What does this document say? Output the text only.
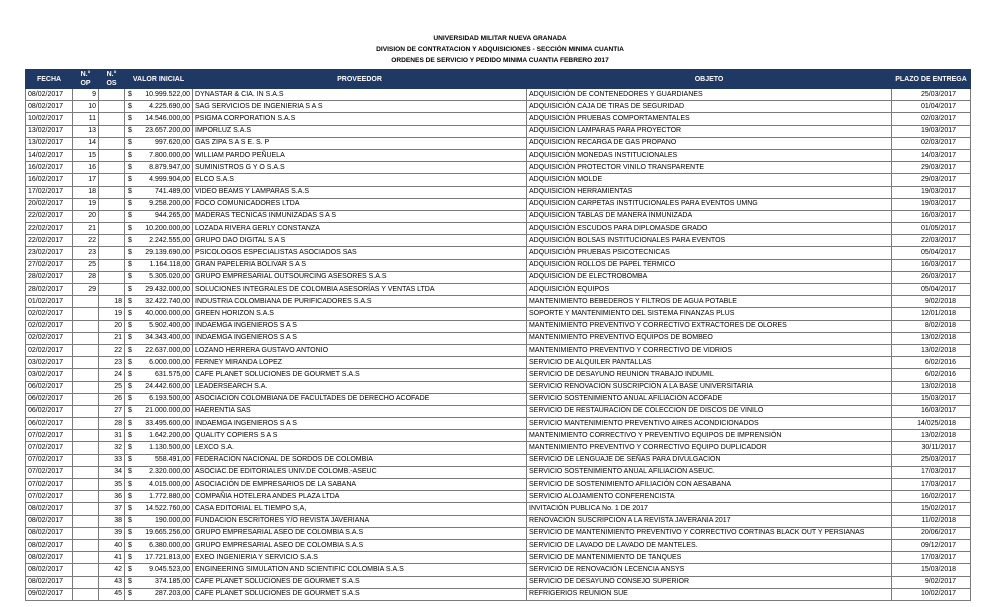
UNIVERSIDAD MILITAR NUEVA GRANADA
DIVISION DE CONTRATACION Y ADQUISICIONES - SECCIÓN MINIMA CUANTIA
ORDENES DE SERVICIO Y PEDIDO MINIMA CUANTIA FEBRERO 2017
FECHA	N.° OP	N.° OS	VALOR INICIAL		PROVEEDOR	OBJETO	PLAZO DE ENTREGA
08/02/2017	9		$	10.999.522,00	DYNASTAR & CIA. IN S.A.S	ADQUISICIÓN DE CONTENEDORES Y GUARDIANES	25/03/2017
08/02/2017	10		$	4.225.690,00	SAG SERVICIOS DE INGENIERIA S A S	ADQUISICIÓN CAJA DE TIRAS DE SEGURIDAD	01/04/2017
10/02/2017	11		$	14.546.000,00	PSIGMA CORPORATION S.A.S	ADQUISICIÓN PRUEBAS COMPORTAMENTALES	02/03/2017
13/02/2017	13		$	23.657.200,00	IMPORLUZ S.A.S	ADQUISICIÓN LAMPARAS PARA PROYECTOR	19/03/2017
13/02/2017	14		$	997.620,00	GAS ZIPA S A S E. S. P	ADQUISICIÓN RECARGA DE GAS PROPANO	02/03/2017
14/02/2017	15		$	7.800.000,00	WILLIAM PARDO PEÑUELA	ADQUISICIÓN MONEDAS INSTITUCIONALES	14/03/2017
16/02/2017	16		$	8.879.947,00	SUMINISTROS G Y O S.A.S	ADQUISICIÓN PROTECTOR VINILO TRANSPARENTE	29/03/2017
16/02/2017	17		$	4.999.904,00	ELCO S.A.S	ADQUISICIÓN MOLDE	29/03/2017
17/02/2017	18		$	741.489,00	VIDEO BEAMS Y LAMPARAS S.A.S	ADQUISICIÓN HERRAMIENTAS	19/03/2017
20/02/2017	19		$	9.258.200,00	FOCO COMUNICADORES LTDA	ADQUISICIÓN CARPETAS INSTITUCIONALES PARA EVENTOS UMNG	19/03/2017
22/02/2017	20		$	944.265,00	MADERAS TECNICAS INMUNIZADAS S A S	ADQUISICIÓN TABLAS DE MANERA INMUNIZADA	16/03/2017
22/02/2017	21		$	10.200.000,00	LOZADA RIVERA GERLY CONSTANZA	ADQUISICIÓN ESCUDOS PARA DIPLOMASDE GRADO	01/05/2017
22/02/2017	22		$	2.242.555,00	GRUPO DAO DIGITAL S A S	ADQUISICIÓN BOLSAS INSTITUCIONALES PARA EVENTOS	22/03/2017
23/02/2017	23		$	29.139.690,00	PSICOLOGOS ESPECIALISTAS ASOCIADOS SAS	ADQUISICIÓN PRUEBAS PSICOTECNICAS	05/04/2017
27/02/2017	25		$	1.164.118,00	GRAN PAPELERIA BOLIVAR S A S	ADQUISICIÓN ROLLOS DE PAPEL TERMICO	16/03/2017
28/02/2017	28		$	5.305.020,00	GRUPO EMPRESARIAL OUTSOURCING ASESORES S.A.S	ADQUISICIÓN DE ELECTROBOMBA	26/03/2017
28/02/2017	29		$	29.432.000,00	SOLUCIONES INTEGRALES DE COLOMBIA ASESORÍAS Y VENTAS LTDA	ADQUISICIÓN EQUIPOS	05/04/2017
01/02/2017		18	$	32.422.740,00	INDUSTRIA COLOMBIANA DE PURIFICADORES S.A.S	MANTENIMIENTO BEBEDEROS Y FILTROS DE AGUA POTABLE	9/02/2018
02/02/2017		19	$	40.000.000,00	GREEN HORIZON S.A.S	SOPORTE Y MANTENIMIENTO DEL SISTEMA FINANZAS PLUS	12/01/2018
02/02/2017		20	$	5.902.400,00	INDAEMGA INGENIEROS S A S	MANTENIMIENTO PREVENTIVO Y CORRECTIVO EXTRACTORES DE OLORES	8/02/2018
02/02/2017		21	$	34.343.400,00	INDAEMGA INGENIEROS S A S	MANTENIMIENTO PREVENTIVO EQUIPOS DE BOMBEO	13/02/2018
02/02/2017		22	$	22.637.000,00	LOZANO HERRERA GUSTAVO ANTONIO	MANTENIMIENTO PREVENTIVO Y CORRECTIVO DE VIDRIOS	13/02/2018
03/02/2017		23	$	6.000.000,00	FERNEY MIRANDA LOPEZ	SERVICIO DE ALQUILER PANTALLAS	6/02/2016
03/02/2017		24	$	631.575,00	CAFE PLANET SOLUCIONES DE GOURMET S.A.S	SERVICIO DE DESAYUNO REUNION TRABAJO INDUMIL	6/02/2016
06/02/2017		25	$	24.442.600,00	LEADERSEARCH S.A.	SERVICIO RENOVACIÓN SUSCRIPCIÓN A LA BASE UNIVERSITARIA	13/02/2018
06/02/2017		26	$	6.193.500,00	ASOCIACION COLOMBIANA DE FACULTADES DE DERECHO ACOFADE	SERVICIO SOSTENIMIENTO ANUAL AFILIACIÓN ACOFADE	15/03/2017
06/02/2017		27	$	21.000.000,00	HAERENTIA SAS	SERVICIO DE RESTAURACIÓN DE COLECCION DE DISCOS DE VINILO	16/03/2017
06/02/2017		28	$	33.495.600,00	INDAEMGA INGENIEROS S A S	SERVICIO MANTENIMIENTO PREVENTIVO AIRES ACONDICIONADOS	14/025/2018
07/02/2017		31	$	1.642.200,00	QUALITY COPIERS S A S	MANTENIMIENTO CORRECTIVO Y PREVENTIVO EQUIPOS DE IMPRENSIÓN	13/02/2018
07/02/2017		32	$	1.130.500,00	LEXCO S.A.	MANTENIMIENTO PREVENTIVO Y CORRECTIVO EQUIPO DUPLICADOR	30/11/2017
07/02/2017		33	$	558.491,00	FEDERACIÓN NACIONAL DE SORDOS DE COLOMBIA	SERVICIO DE LENGUAJE DE SEÑAS PARA DIVULGACIÓN	25/03/2017
07/02/2017		34	$	2.320.000,00	ASOCIAC.DE EDITORIALES UNIV.DE COLOMB.-ASEUC	SERVICIO SOSTENIMIENTO ANUAL AFILIACIÓN ASEUC.	17/03/2017
07/02/2017		35	$	4.015.000,00	ASOCIACIÓN DE EMPRESARIOS DE LA SABANA	SERVICIO DE SOSTENIMIENTO AFILIACIÓN CON AESABANA	17/03/2017
07/02/2017		36	$	1.772.880,00	COMPAÑIA HOTELERA ANDES PLAZA LTDA	SERVICIO ALOJAMIENTO CONFERENCISTA	16/02/2017
08/02/2017		37	$	14.522.760,00	CASA EDITORIAL EL TIEMPO S,A,	INVITACIÓN PUBLICA No. 1 DE 2017	15/02/2017
08/02/2017		38	$	190.000,00	FUNDACION ESCRITORES Y/O REVISTA JAVERIANA	RENOVACIÓN SUSCRIPCIÓN A LA REVISTA JAVERANIA 2017	11/02/2018
08/02/2017		39	$	19.665.256,00	GRUPO EMPRESARIAL ASEO DE COLOMBIA S.A.S	SERVICIO DE MANTENIMIENTO PREVENTIVO Y CORRECTIVO CORTINAS BLACK OUT Y PERSIANAS	20/06/2017
08/02/2017		40	$	6.380.000,00	GRUPO EMPRESARIAL ASEO DE COLOMBIA S.A.S	SERVICIO DE LAVADO DE LAVADO DE MANTELES.	09/12/2017
08/02/2017		41	$	17.721.813,00	EXEO INGENIERIA Y SERVICIO S.A.S	SERVICIO DE MANTENIMIENTO DE TANQUES	17/03/2017
08/02/2017		42	$	9.045.523,00	ENGINEERING SIMULATION AND SCIENTIFIC COLOMBIA S.A.S	SERVICIO DE RENOVACIÓN LECENCIA ANSYS	15/03/2018
08/02/2017		43	$	374.185,00	CAFE PLANET SOLUCIONES DE GOURMET S.A.S	SERVICIO DE DESAYUNO CONSEJO SUPERIOR	9/02/2017
09/02/2017		45	$	287.203,00	CAFE PLANET SOLUCIONES DE GOURMET S.A.S	REFRIGERIOS REUNION SUE	10/02/2017
